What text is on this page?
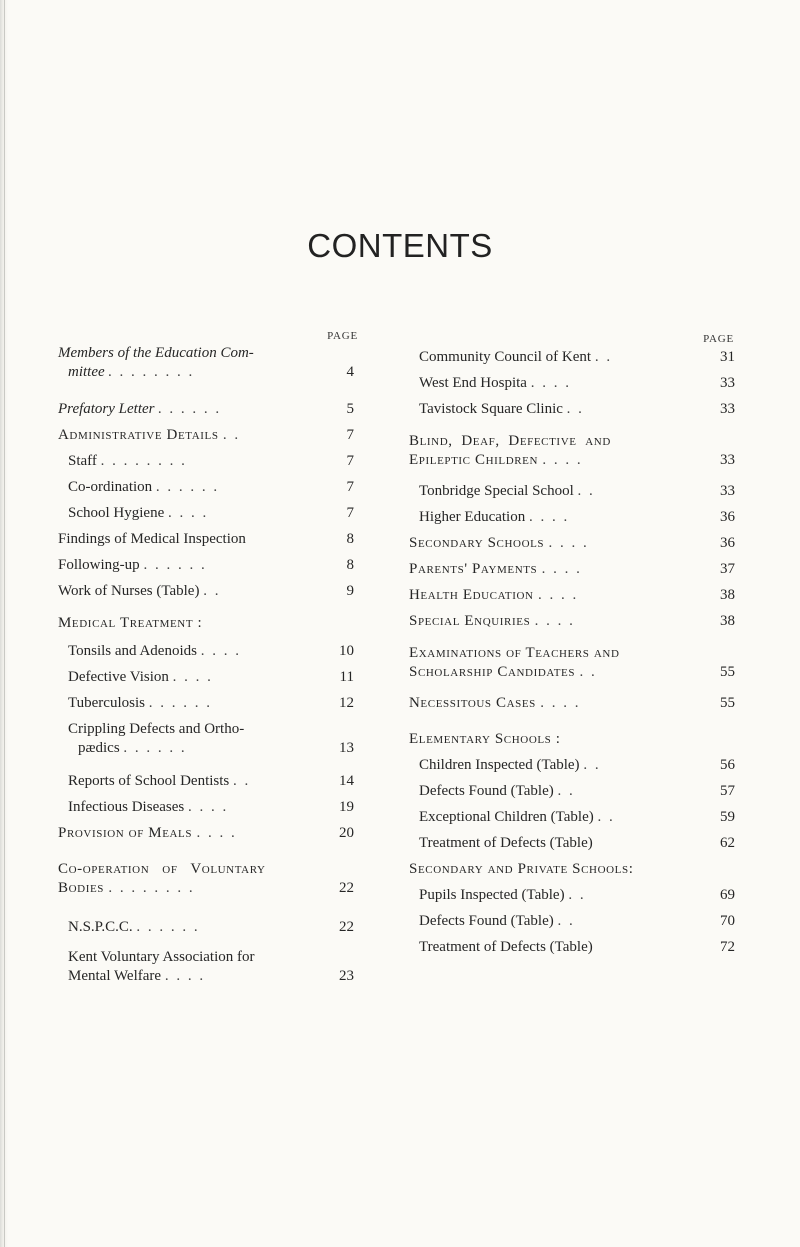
CONTENTS
PAGE
Members of the Education Com-
mittee . . . . . . . .	4
Prefatory Letter . . . . . .	5
Administrative Details . .	7
Staff . . . . . . . .	7
Co-ordination . . . . . .	7
School Hygiene . . . .	7
Findings of Medical Inspection	8
Following-up . . . . . .	8
Work of Nurses (Table) . .	9
Medical Treatment :
Tonsils and Adenoids . . . .	10
Defective Vision . . . .	11
Tuberculosis . . . . . .	12
Crippling Defects and Ortho-
pædics . . . . . .	13
Reports of School Dentists . .	14
Infectious Diseases . . . .	19
Provision of Meals . . . .	20
Co-operation   of   Voluntary
Bodies . . . . . . . .	22
N.S.P.C.C. . . . . . .	22
Kent Voluntary Association for
Mental Welfare . . . .	23
PAGE
Community Council of Kent . .	31
West End Hospita . . . .	33
Tavistock Square Clinic . .	33
Blind,  Deaf,  Defective  and
Epileptic Children . . . .	33
Tonbridge Special School . .	33
Higher Education . . . .	36
Secondary Schools . . . .	36
Parents' Payments . . . .	37
Health Education . . . .	38
Special Enquiries . . . .	38
Examinations of Teachers and
Scholarship Candidates . .	55
Necessitous Cases . . . .	55
Elementary Schools :
Children Inspected (Table) . .	56
Defects Found (Table) . .	57
Exceptional Children (Table) . .	59
Treatment of Defects (Table)	62
Secondary and Private Schools:
Pupils Inspected (Table) . .	69
Defects Found (Table) . .	70
Treatment of Defects (Table)	72
